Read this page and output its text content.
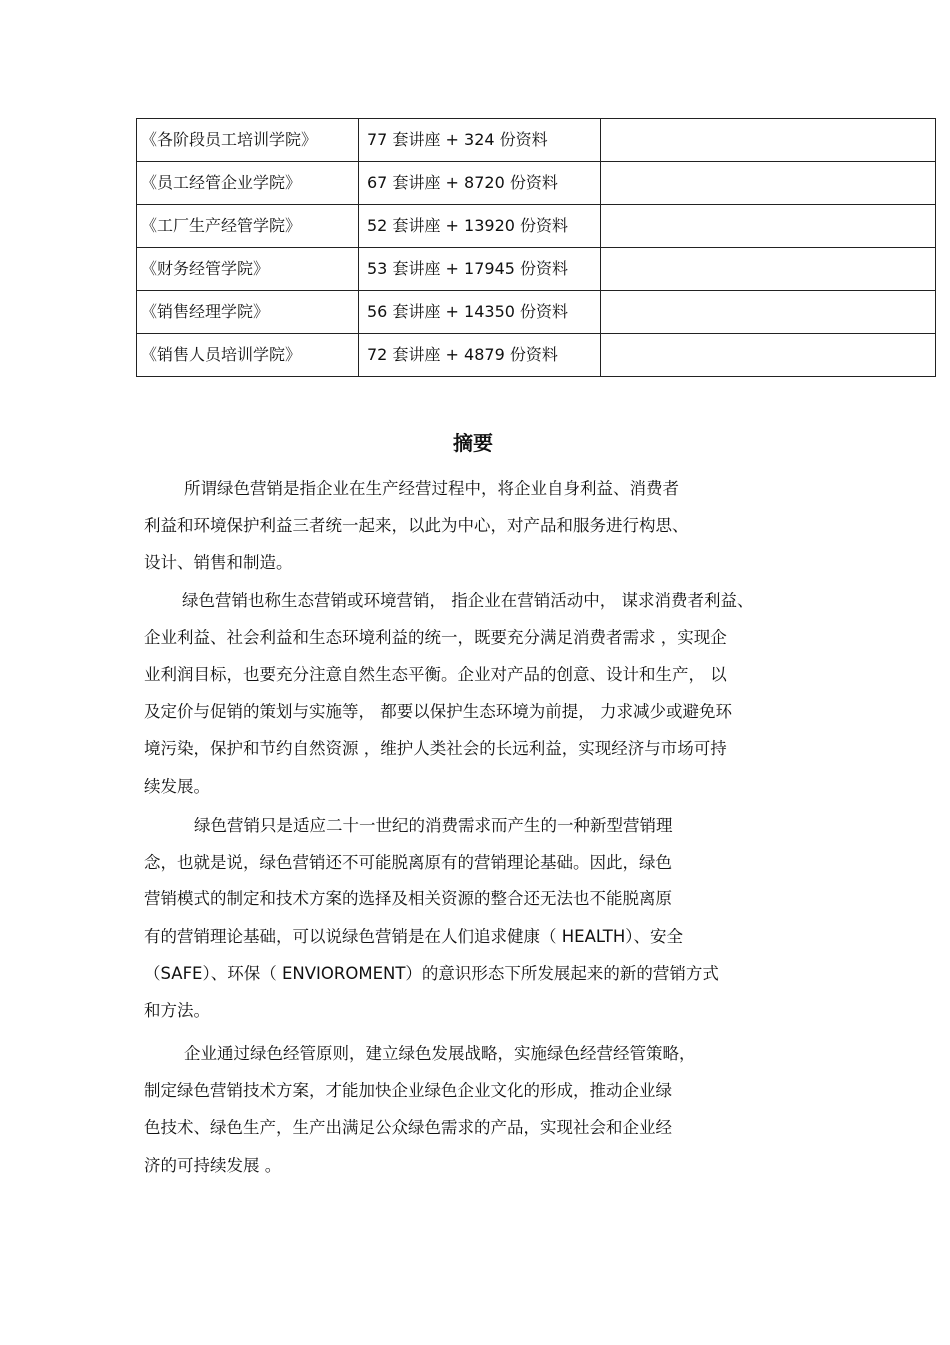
《各阶段员工培训学院》	77 套讲座 + 324 份资料	
《员工经管企业学院》	67 套讲座 + 8720 份资料	
《工厂生产经管学院》	52 套讲座 + 13920 份资料	
《财务经管学院》	53 套讲座 + 17945 份资料	
《销售经理学院》	56 套讲座 + 14350 份资料	
《销售人员培训学院》	72 套讲座 + 4879 份资料	
摘要

所谓绿色营销是指企业在生产经营过程中，将企业自身利益、消费者

利益和环境保护利益三者统一起来，以此为中心，对产品和服务进行构思、

设计、销售和制造。

绿色营销也称生态营销或环境营销， 指企业在营销活动中， 谋求消费者利益、

企业利益、社会利益和生态环境利益的统一，既要充分满足消费者需求 ，实现企

业利润目标，也要充分注意自然生态平衡。企业对产品的创意、设计和生产， 以

及定价与促销的策划与实施等， 都要以保护生态环境为前提， 力求减少或避免环

境污染，保护和节约自然资源 ，维护人类社会的长远利益，实现经济与市场可持

续发展。

绿色营销只是适应二十一世纪的消费需求而产生的一种新型营销理

念，也就是说，绿色营销还不可能脱离原有的营销理论基础。因此，绿色

营销模式的制定和技术方案的选择及相关资源的整合还无法也不能脱离原

有的营销理论基础，可以说绿色营销是在人们追求健康（ HEALTH）、安全

（SAFE）、环保（ ENVIOROMENT）的意识形态下所发展起来的新的营销方式

和方法。

企业通过绿色经管原则，建立绿色发展战略，实施绿色经营经管策略，

制定绿色营销技术方案，才能加快企业绿色企业文化的形成，推动企业绿

色技术、绿色生产，生产出满足公众绿色需求的产品，实现社会和企业经

济的可持续发展 。
